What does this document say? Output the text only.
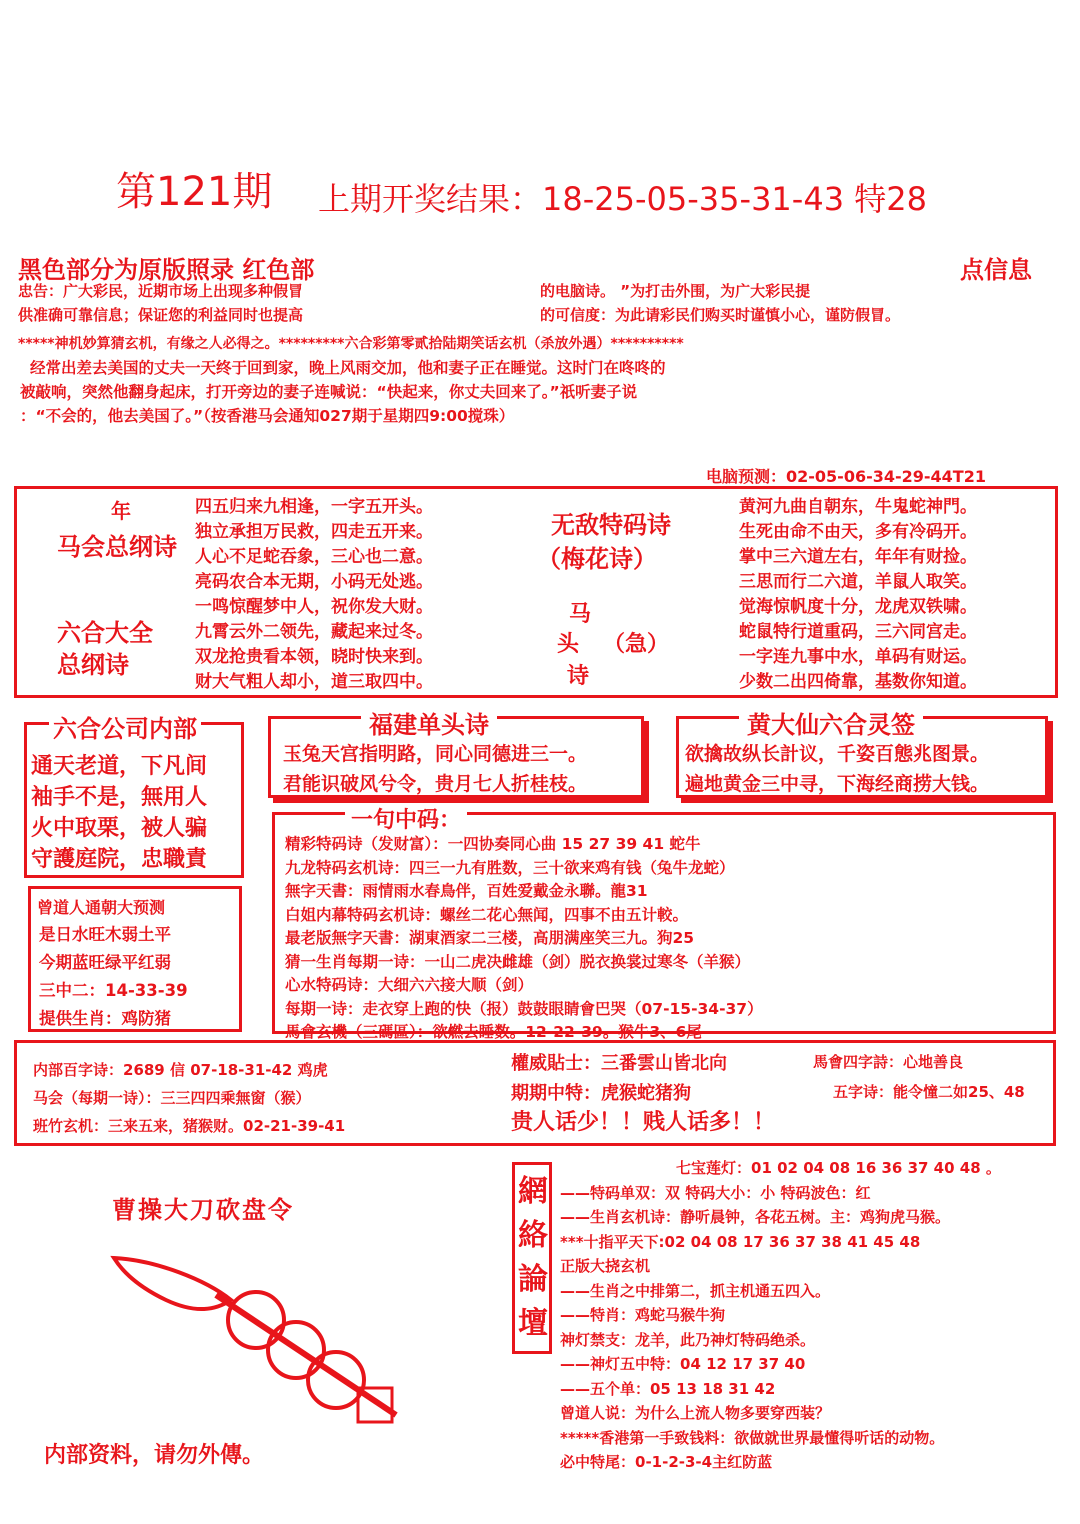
第121期 上期开奖结果：18-25-05-35-31-43 特28
黑色部分为原版照录 红色部	点信息
忠告：广大彩民，近期市场上出现多种假冒	的电脑诗。 ”为打击外围，为广大彩民提
供准确可靠信息；保证您的利益同时也提高	的可信度：为此请彩民们购买时谨慎小心，谨防假冒。
*****神机妙算猜玄机，有缘之人必得之。*********六合彩第零贰拾陆期笑话玄机（杀放外遇）**********
经常出差去美国的丈夫一天终于回到家，晚上风雨交加，他和妻子正在睡觉。这时门在咚咚的
被敲响，突然他翻身起床，打开旁边的妻子连喊说：“快起来，你丈夫回来了。”祇听妻子说
：“不会的，他去美国了。”（按香港马会通知027期于星期四9:00搅珠）
电脑预测：02-05-06-34-29-44T21
年
马会总纲诗
六合大全
总纲诗
四五归来九相逢，一字五开头。
独立承担万民救，四走五开来。
人心不足蛇吞象，三心也二意。
亮码农合本无期，小码无处逃。
一鸣惊醒梦中人，祝你发大财。
九霄云外二领先，藏起来过冬。
双龙抢贵看本领，晓时快来到。
财大气粗人却小，道三取四中。
无敌特码诗
（梅花诗）
马
头 （急）
诗
黄河九曲自朝东，牛鬼蛇神門。
生死由命不由天，多有冷码开。
掌中三六道左右，年年有财捡。
三思而行二六道，羊鼠人取笑。
觉海惊帆度十分，龙虎双铁啸。
蛇鼠特行道重码，三六同宫走。
一字连九事中水，单码有财运。
少数二出四倚靠，基数你知道。
六合公司内部
通天老道，下凡间
袖手不是，無用人
火中取栗，被人骗
守護庭院，忠職責
福建单头诗
玉兔天宫指明路，同心同德进三一。
君能识破风兮令，贵月七人折桂枝。
黄大仙六合灵签
欲擒故纵长計议，千姿百態兆图景。
遍地黄金三中寻，下海经商捞大钱。
一句中码：
精彩特码诗（发财富）：一四协奏同心曲 15 27 39 41 蛇牛
九龙特码玄机诗：四三一九有胜数，三十欲来鸡有钱（兔牛龙蛇）
無字天書：雨情雨水春鳥伴，百姓爱戴金永聯。龍31
白姐内幕特码玄机诗：螺丝二花心無闻，四事不由五计較。
最老版無字天書：湖東酒家二三楼，高朋满座笑三九。狗25
猜一生肖每期一诗：一山二虎决雌雄（剑）脱衣换裳过寒冬（羊猴）
心水特码诗：大细六六接大顺（剑）
每期一诗：走衣穿上跑的快（报）鼓鼓眼睛會巴哭（07-15-34-37）
馬會玄機（三碼區）：欲燃去睡数。12-22-39。猴牛3、6尾
曾道人通朝大预测
是日水旺木弱土平
今期蓝旺绿平红弱
三中二：14-33-39
提供生肖：鸡防猪
内部百字诗：2689 信 07-18-31-42 鸡虎
马会（每期一诗）：三三四四乘無窗（猴）
班竹玄机：三来五来，猪猴财。02-21-39-41
權威貼士：三番雲山皆北向	馬會四字詩：心地善良
期期中特：虎猴蛇猪狗	五字诗：能令憧二如25、48
贵人话少！！贱人话多！！
曹操大刀砍盘令
内部资料，请勿外傳。
網絡論壇
七宝莲灯：01 02 04 08 16 36 37 40 48 。
——特码单双：双 特码大小：小 特码波色：红
——生肖玄机诗：静听晨钟，各花五树。主：鸡狗虎马猴。
***十指平天下:02 04 08 17 36 37 38 41 45 48
正版大挠玄机
——生肖之中排第二，抓主机通五四入。
——特肖：鸡蛇马猴牛狗
神灯禁支：龙羊，此乃神灯特码绝杀。
——神灯五中特：04 12 17 37 40
——五个单：05 13 18 31 42
曾道人说：为什么上流人物多要穿西装？
*****香港第一手致钱料：欲做就世界最懂得听话的动物。
必中特尾：0-1-2-3-4主红防蓝
